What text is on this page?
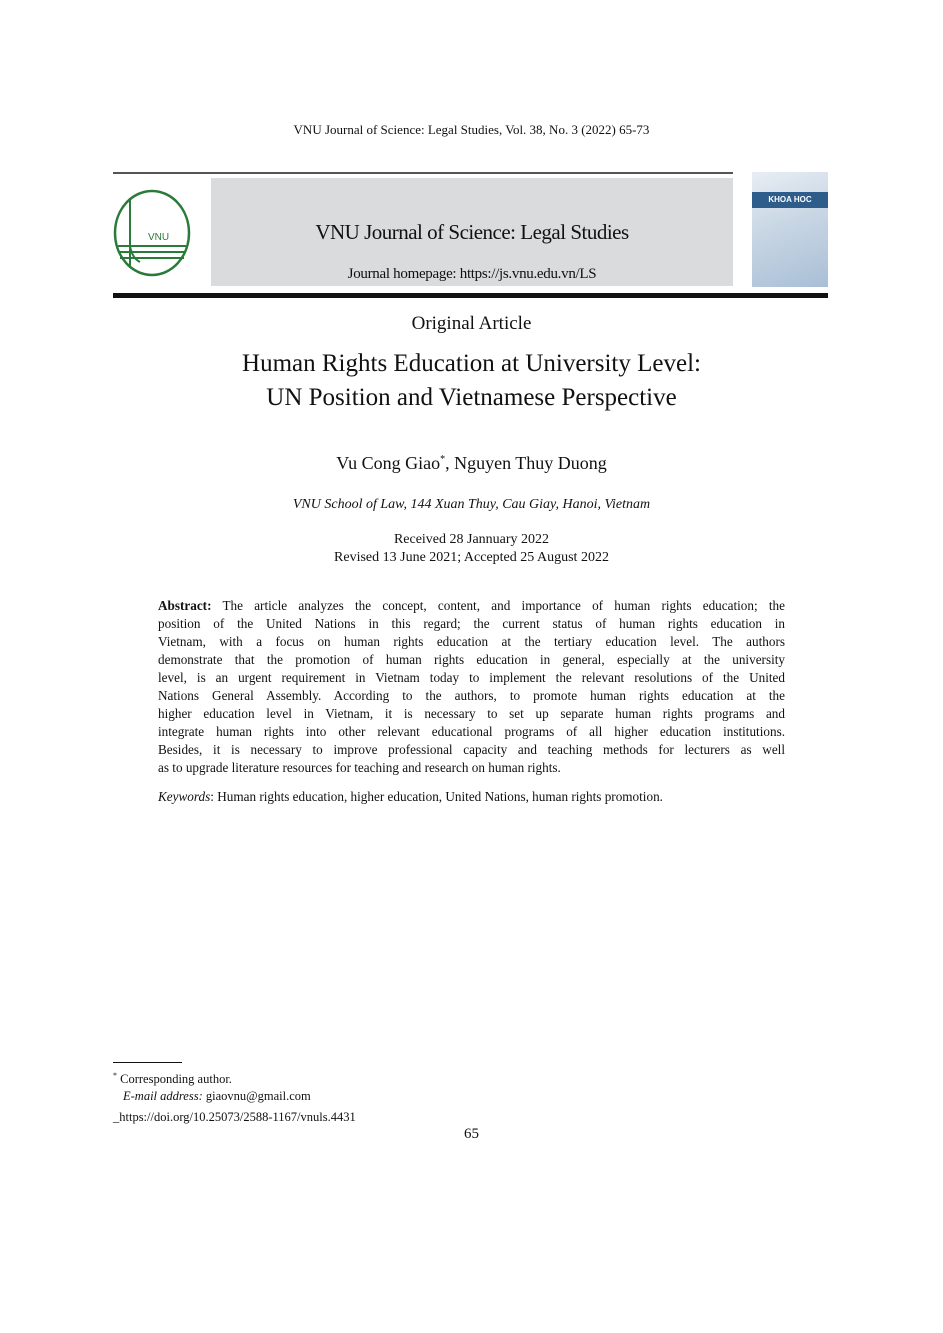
VNU Journal of Science: Legal Studies, Vol. 38, No. 3 (2022) 65-73
VNU	VNU Journal of Science: Legal Studies
Journal homepage: https://js.vnu.edu.vn/LS
KHOA HOC
Original Article
Human Rights Education at University Level:
UN Position and Vietnamese Perspective
Vu Cong Giao*, Nguyen Thuy Duong
VNU School of Law, 144 Xuan Thuy, Cau Giay, Hanoi, Vietnam
Received 28 Jannuary 2022
Revised 13 June 2021; Accepted 25 August 2022
Abstract: The article analyzes the concept, content, and importance of human rights education; the
position of the United Nations in this regard; the current status of human rights education in
Vietnam, with a focus on human rights education at the tertiary education level. The authors
demonstrate that the promotion of human rights education in general, especially at the university
level, is an urgent requirement in Vietnam today to implement the relevant resolutions of the United
Nations General Assembly. According to the authors, to promote human rights education at the
higher education level in Vietnam, it is necessary to set up separate human rights programs and
integrate human rights into other relevant educational programs of all higher education institutions.
Besides, it is necessary to improve professional capacity and teaching methods for lecturers as well
as to upgrade literature resources for teaching and research on human rights.
Keywords: Human rights education, higher education, United Nations, human rights promotion.
* Corresponding author.
E-mail address: giaovnu@gmail.com
_https://doi.org/10.25073/2588-1167/vnuls.4431
65
